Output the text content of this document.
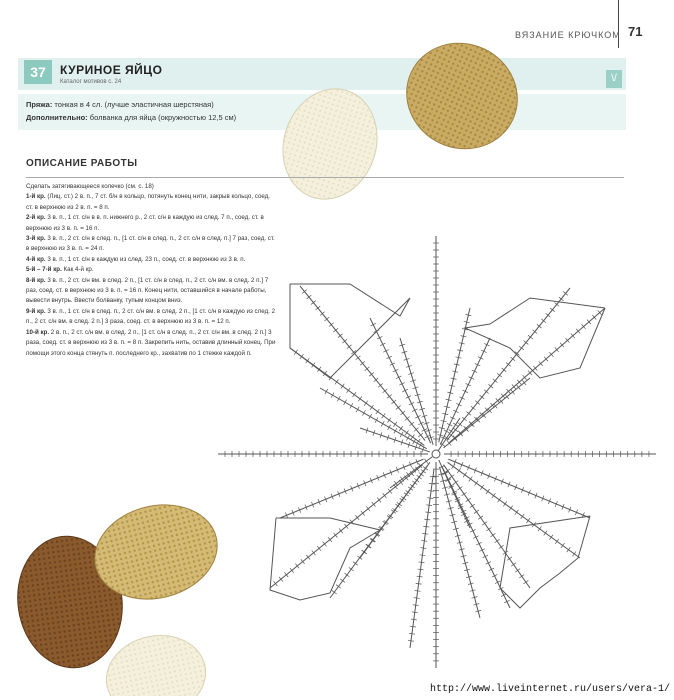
ВЯЗАНИЕ КРЮЧКОМ 71
37	КУРИНОЕ ЯЙЦО
Каталог мотивов с. 24	\/
Пряжа: тонкая в 4 сл. (лучше эластичная шерстяная)
Дополнительно: болванка для яйца (окружностью 12,5 см)
ОПИСАНИЕ РАБОТЫ

Сделать затягивающееся колечко (см. с. 18)

1-й кр. (Лиц. ст.) 2 в. п., 7 ст. б/н в кольцо, потянуть конец нити, закрыв кольцо, соед. ст. в верхнюю из 2 в. п. = 8 п.

2-й кр. 3 в. п., 1 ст. с/н в в. п. нижнего р., 2 ст. с/н в каждую из след. 7 п., соед. ст. в верхнюю из 3 в. п. = 16 п.

3-й кр. 3 в. п., 2 ст. с/н в след. п., [1 ст. с/н в след. п., 2 ст. с/н в след. п.] 7 раз, соед. ст. в верхнюю из 3 в. п. = 24 п.

4-й кр. 3 в. п., 1 ст. с/н в каждую из след. 23 п., соед. ст. в верхнюю из 3 в. п.

5-й – 7-й кр. Как 4-й кр.

8-й кр. 3 в. п., 2 ст. с/н вм. в след. 2 п., [1 ст. с/н в след. п., 2 ст. с/н вм. в след. 2 п.] 7 раз, соед. ст. в верхнюю из 3 в. п. = 16 п. Конец нити, оставшийся в начале работы, вывести внутрь. Ввести болванку, тупым концом вниз.

9-й кр. 3 в. п., 1 ст. с/н в след. п., 2 ст. с/н вм. в след. 2 п., [1 ст. с/н в каждую из след. 2 п., 2 ст. с/н вм. в след. 2 п.] 3 раза, соед. ст. в верхнюю из 3 в. п. = 12 п.

10-й кр. 2 в. п., 2 ст. с/н вм. в след. 2 п., [1 ст. с/н в след. п., 2 ст. с/н вм. в след. 2 п.] 3 раза, соед. ст. в верхнюю из 3 в. п. = 8 п. Закрепить нить, оставив длинный конец. При помощи этого конца стянуть п. последнего кр., захватив по 1 стежке каждой п.

http://www.liveinternet.ru/users/vera-1/
